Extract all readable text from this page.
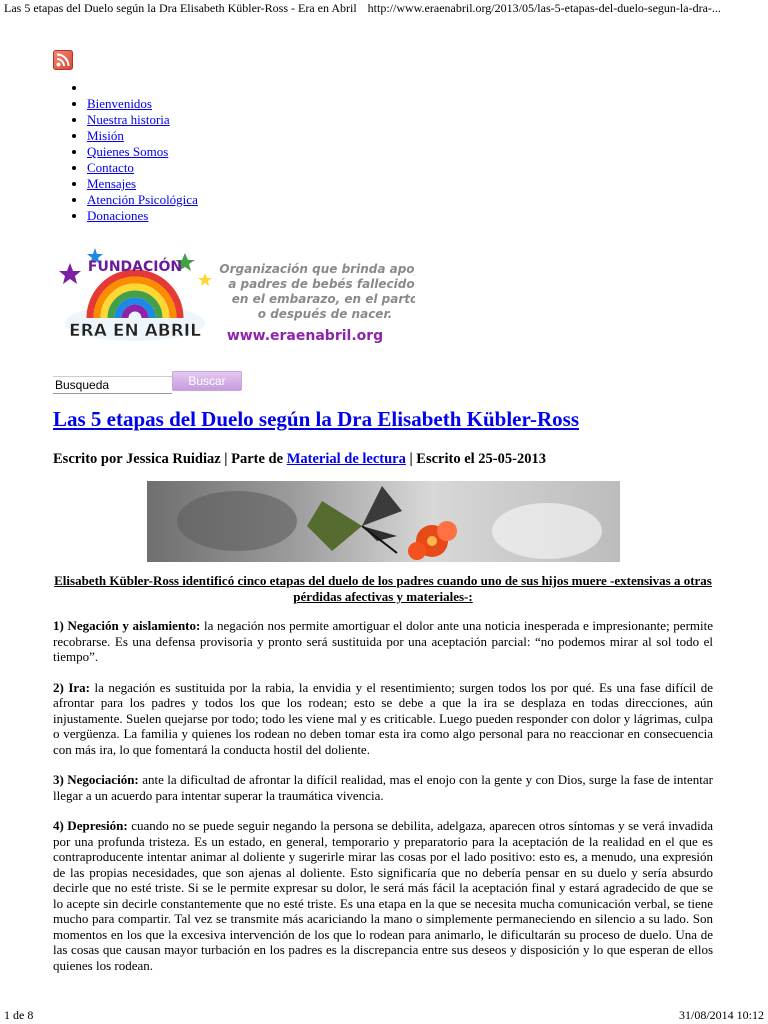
Las 5 etapas del Duelo según la Dra Elisabeth Kübler-Ross - Era en Abril http://www.eraenabril.org/2013/05/las-5-etapas-del-duelo-segun-la-dra-...
•
• Bienvenidos
• Nuestra historia
• Misión
• Quienes Somos
• Contacto
• Mensajes
• Atención Psicológica
• Donaciones
FUNDACIÓN
ERA EN ABRIL
Organización que brinda apoyo
a padres de bebés fallecidos
en el embarazo, en el parto
o después de nacer.
www.eraenabril.org
Busqueda
Buscar
Las 5 etapas del Duelo según la Dra Elisabeth Kübler-Ross

Escrito por Jessica Ruidiaz | Parte de Material de lectura | Escrito el 25-05-2013

Elisabeth Kübler-Ross identificó cinco etapas del duelo de los padres cuando uno de sus hijos muere -extensivas a otras pérdidas afectivas y materiales-:

1) Negación y aislamiento: la negación nos permite amortiguar el dolor ante una noticia inesperada e impresionante; permite recobrarse. Es una defensa provisoria y pronto será sustituida por una aceptación parcial: “no podemos mirar al sol todo el tiempo”.

2) Ira: la negación es sustituida por la rabia, la envidia y el resentimiento; surgen todos los por qué. Es una fase difícil de afrontar para los padres y todos los que los rodean; esto se debe a que la ira se desplaza en todas direcciones, aún injustamente. Suelen quejarse por todo; todo les viene mal y es criticable. Luego pueden responder con dolor y lágrimas, culpa o vergüenza. La familia y quienes los rodean no deben tomar esta ira como algo personal para no reaccionar en consecuencia con más ira, lo que fomentará la conducta hostil del doliente.

3) Negociación: ante la dificultad de afrontar la difícil realidad, mas el enojo con la gente y con Dios, surge la fase de intentar llegar a un acuerdo para intentar superar la traumática vivencia.

4) Depresión: cuando no se puede seguir negando la persona se debilita, adelgaza, aparecen otros síntomas y se verá invadida por una profunda tristeza. Es un estado, en general, temporario y preparatorio para la aceptación de la realidad en el que es contraproducente intentar animar al doliente y sugerirle mirar las cosas por el lado positivo: esto es, a menudo, una expresión de las propias necesidades, que son ajenas al doliente. Esto significaría que no debería pensar en su duelo y sería absurdo decirle que no esté triste. Si se le permite expresar su dolor, le será más fácil la aceptación final y estará agradecido de que se lo acepte sin decirle constantemente que no esté triste. Es una etapa en la que se necesita mucha comunicación verbal, se tiene mucho para compartir. Tal vez se transmite más acariciando la mano o simplemente permaneciendo en silencio a su lado. Son momentos en los que la excesiva intervención de los que lo rodean para animarlo, le dificultarán su proceso de duelo. Una de las cosas que causan mayor turbación en los padres es la discrepancia entre sus deseos y disposición y lo que esperan de ellos quienes los rodean.

1 de 8	31/08/2014 10:12
